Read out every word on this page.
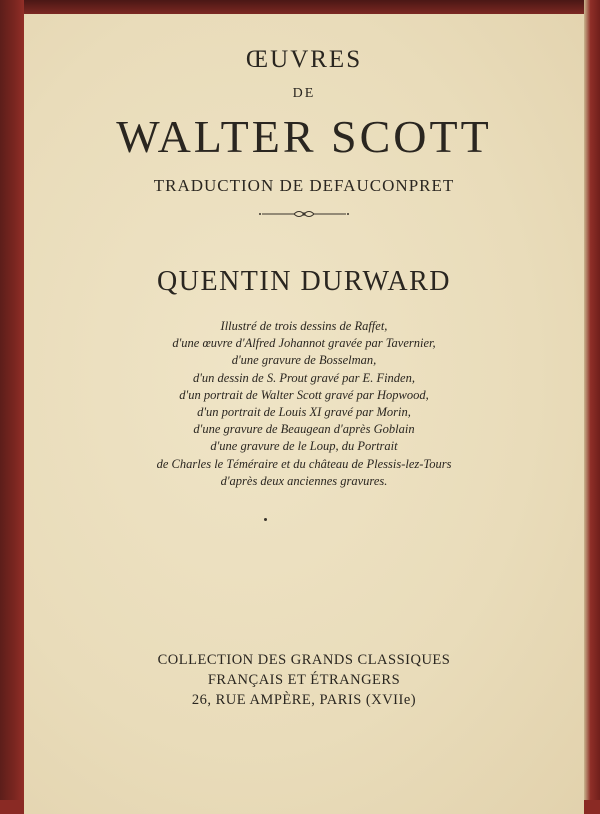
ŒUVRES
DE
WALTER SCOTT
TRADUCTION DE DEFAUCONPRET
QUENTIN DURWARD
Illustré de trois dessins de Raffet,
d'une œuvre d'Alfred Johannot gravée par Tavernier,
d'une gravure de Bosselman,
d'un dessin de S. Prout gravé par E. Finden,
d'un portrait de Walter Scott gravé par Hopwood,
d'un portrait de Louis XI gravé par Morin,
d'une gravure de Beaugean d'après Goblain
d'une gravure de le Loup, du Portrait
de Charles le Téméraire et du château de Plessis-lez-Tours
d'après deux anciennes gravures.
COLLECTION DES GRANDS CLASSIQUES
FRANÇAIS ET ÉTRANGERS
26, RUE AMPÈRE, PARIS (XVIIe)
